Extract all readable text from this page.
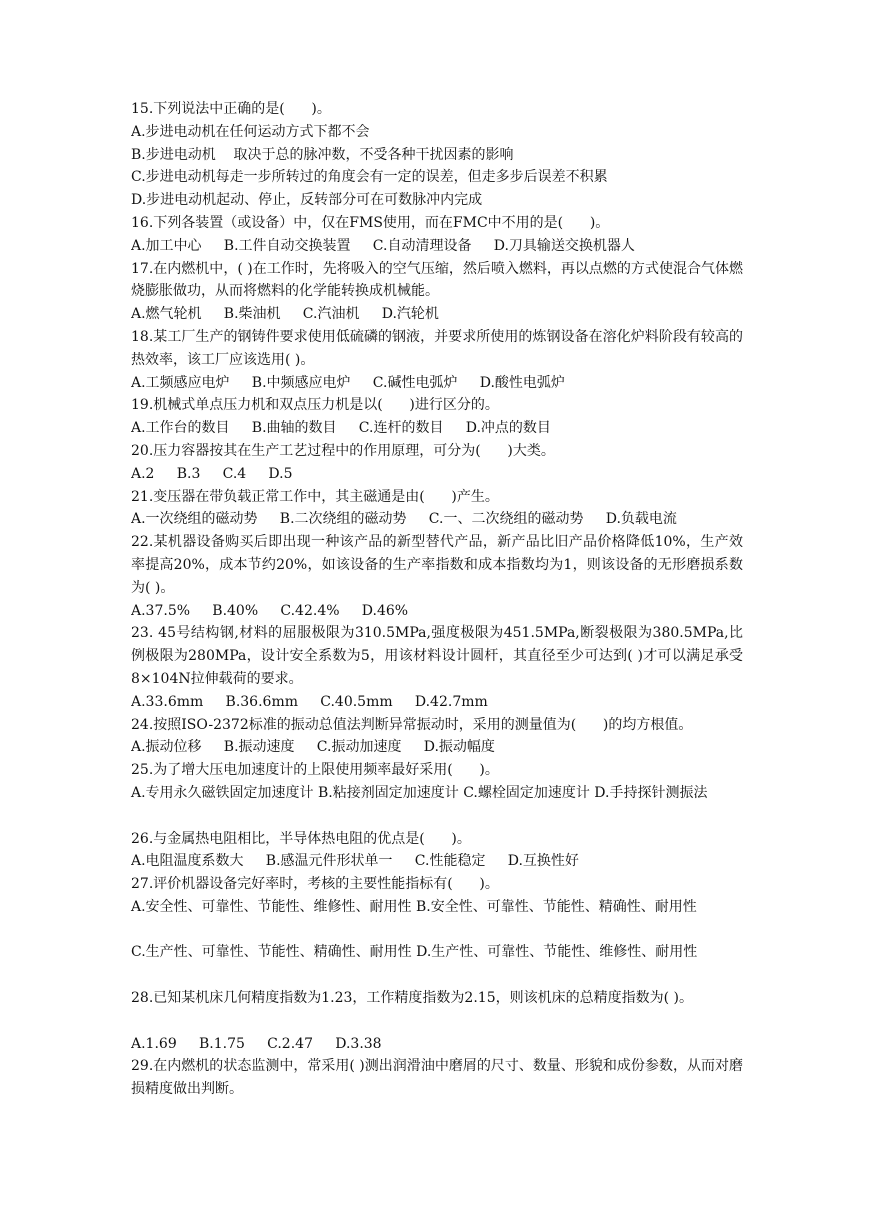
15.下列说法中正确的是(      )。
A.步进电动机在任何运动方式下都不会
B.步进电动机    取决于总的脉冲数，不受各种干扰因素的影响
C.步进电动机每走一步所转过的角度会有一定的误差，但走多步后误差不积累
D.步进电动机起动、停止，反转部分可在可数脉冲内完成
16.下列各装置（或设备）中，仅在FMS使用，而在FMC中不用的是(      )。
A.加工中心     B.工件自动交换装置     C.自动清理设备     D.刀具输送交换机器人
17.在内燃机中，( )在工作时，先将吸入的空气压缩，然后喷入燃料，再以点燃的方式使混合气体燃烧膨胀做功，从而将燃料的化学能转换成机械能。
A.燃气轮机     B.柴油机     C.汽油机     D.汽轮机
18.某工厂生产的钢铸件要求使用低硫磷的钢液，并要求所使用的炼钢设备在溶化炉料阶段有较高的热效率，该工厂应该选用( )。
A.工频感应电炉     B.中频感应电炉     C.碱性电弧炉     D.酸性电弧炉
19.机械式单点压力机和双点压力机是以(      )进行区分的。
A.工作台的数目     B.曲轴的数目     C.连杆的数目     D.冲点的数目
20.压力容器按其在生产工艺过程中的作用原理，可分为(      )大类。
A.2     B.3     C.4     D.5
21.变压器在带负载正常工作中，其主磁通是由(      )产生。
A.一次绕组的磁动势     B.二次绕组的磁动势     C.一、二次绕组的磁动势     D.负载电流
22.某机器设备购买后即出现一种该产品的新型替代产品，新产品比旧产品价格降低10%，生产效率提高20%，成本节约20%，如该设备的生产率指数和成本指数均为1，则该设备的无形磨损系数为( )。
A.37.5%     B.40%     C.42.4%     D.46%
23. 45号结构钢,材料的屈服极限为310.5MPa,强度极限为451.5MPa,断裂极限为380.5MPa,比例极限为280MPa，设计安全系数为5，用该材料设计圆杆，其直径至少可达到( )才可以满足承受8×104N拉伸载荷的要求。
A.33.6mm     B.36.6mm     C.40.5mm     D.42.7mm
24.按照ISO-2372标准的振动总值法判断异常振动时，采用的测量值为(      )的均方根值。
A.振动位移     B.振动速度     C.振动加速度     D.振动幅度
25.为了增大压电加速度计的上限使用频率最好采用(      )。
A.专用永久磁铁固定加速度计 B.粘接剂固定加速度计 C.螺栓固定加速度计 D.手持探针测振法
26.与金属热电阻相比，半导体热电阻的优点是(      )。
A.电阻温度系数大     B.感温元件形状单一     C.性能稳定     D.互换性好
27.评价机器设备完好率时，考核的主要性能指标有(      )。
A.安全性、可靠性、节能性、维修性、耐用性 B.安全性、可靠性、节能性、精确性、耐用性
C.生产性、可靠性、节能性、精确性、耐用性 D.生产性、可靠性、节能性、维修性、耐用性
28.已知某机床几何精度指数为1.23，工作精度指数为2.15，则该机床的总精度指数为( )。
A.1.69     B.1.75     C.2.47     D.3.38
29.在内燃机的状态监测中，常采用( )测出润滑油中磨屑的尺寸、数量、形貌和成份参数，从而对磨损精度做出判断。
